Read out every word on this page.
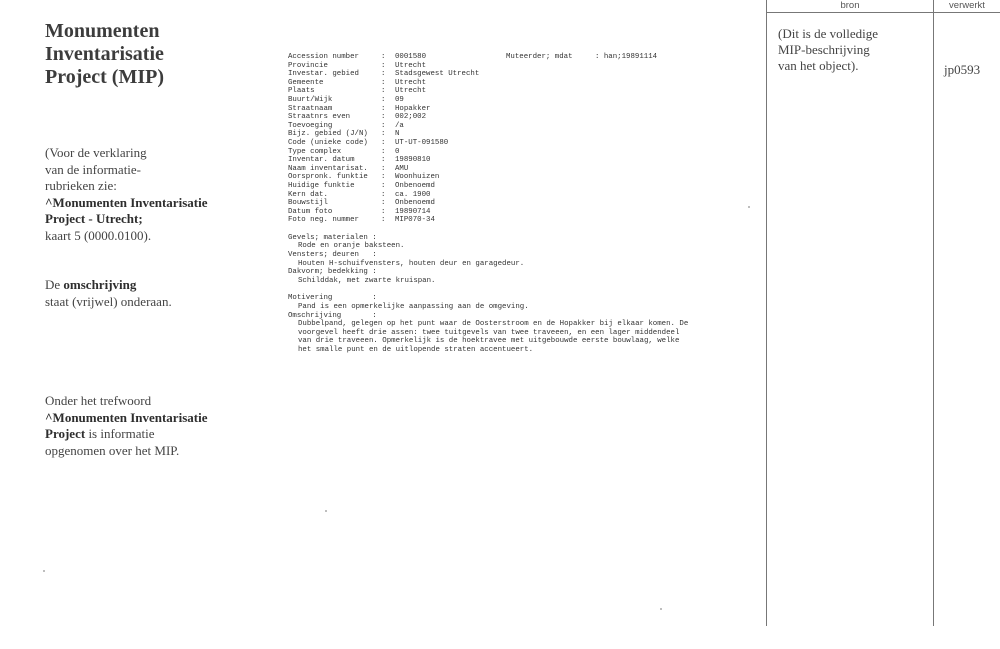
Monumenten
Inventarisatie
Project (MIP)
(Voor de verklaring
van de informatie-
rubrieken zie:
^Monumenten Inventarisatie
Project - Utrecht;
kaart 5 (0000.0100).
De omschrijving
staat (vrijwel) onderaan.
Onder het trefwoord
^Monumenten Inventarisatie
Project is informatie
opgenomen over het MIP.
Muteerder; mdat	: han;19891114
Accession number	:	0001580
Provincie	:	Utrecht
Investar. gebied	:	Stadsgewest Utrecht
Gemeente	:	Utrecht
Plaats	:	Utrecht
Buurt/Wijk	:	09
Straatnaam	:	Hopakker
Straatnrs even	:	002;002
Toevoeging	:	/a
Bijz. gebied (J/N)	:	N
Code (unieke code)	:	UT-UT-091580
Type complex	:	0
Inventar. datum	:	19890810
Naam inventarisat.	:	AMU
Oorspronk. funktie	:	Woonhuizen
Huidige funktie	:	Onbenoemd
Kern dat.	:	ca. 1900
Bouwstijl	:	Onbenoemd
Datum foto	:	19890714
Foto neg. nummer	:	MIP070-34
Gevels; materialen :
Rode en oranje baksteen.
Vensters; deuren   :
Houten H-schuifvensters, houten deur en garagedeur.
Dakvorm; bedekking :
Schilddak, met zwarte kruispan.
Motivering         :
Pand is een opmerkelijke aanpassing aan de omgeving.
Omschrijving       :
Dubbelpand, gelegen op het punt waar de Oosterstroom en de Hopakker bij elkaar komen. De voorgevel heeft drie assen: twee tuitgevels van twee traveeen, en een lager middendeel van drie traveeen. Opmerkelijk is de hoektravee met uitgebouwde eerste bouwlaag, welke het smalle punt en de uitlopende straten accentueert.
bron	verwerkt
(Dit is de volledige
MIP-beschrijving
van het object).	jp0593
